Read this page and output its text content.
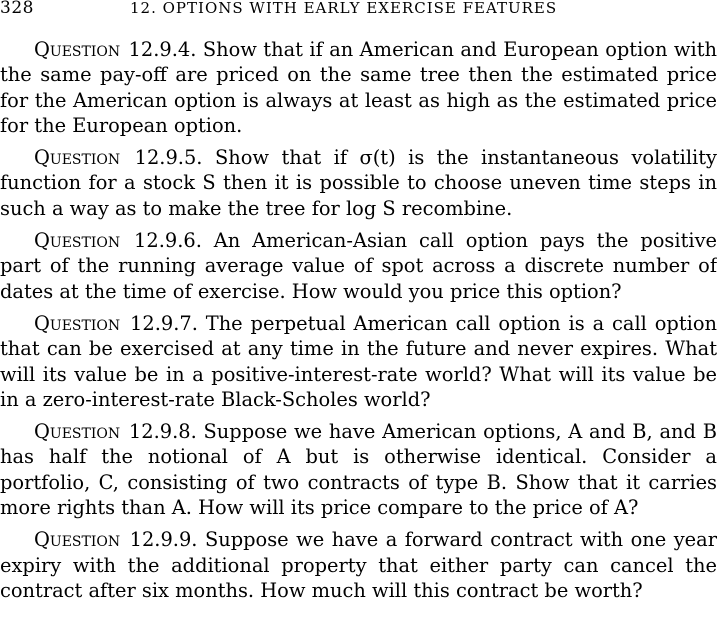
328	12. OPTIONS WITH EARLY EXERCISE FEATURES

Question 12.9.4. Show that if an American and European option with the same pay-off are priced on the same tree then the estimated price for the American option is always at least as high as the estimated price for the European option.

Question 12.9.5. Show that if σ(t) is the instantaneous volatility function for a stock S then it is possible to choose uneven time steps in such a way as to make the tree for log S recombine.

Question 12.9.6. An American-Asian call option pays the positive part of the running average value of spot across a discrete number of dates at the time of exercise. How would you price this option?

Question 12.9.7. The perpetual American call option is a call option that can be exercised at any time in the future and never expires. What will its value be in a positive-interest-rate world? What will its value be in a zero-interest-rate Black-Scholes world?

Question 12.9.8. Suppose we have American options, A and B, and B has half the notional of A but is otherwise identical. Consider a portfolio, C, consisting of two contracts of type B. Show that it carries more rights than A. How will its price compare to the price of A?

Question 12.9.9. Suppose we have a forward contract with one year expiry with the additional property that either party can cancel the contract after six months. How much will this contract be worth?
